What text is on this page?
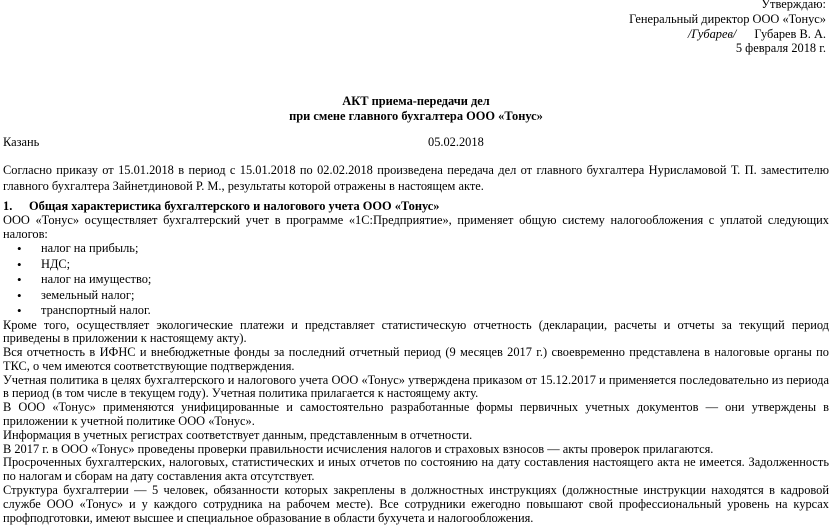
Утверждаю:
Генеральный директор ООО «Тонус»
/Губарев/ Губарев В. А.
5 февраля 2018 г.
АКТ приема-передачи дел
при смене главного бухгалтера ООО «Тонус»
Казань	05.02.2018
Согласно приказу от 15.01.2018 в период с 15.01.2018 по 02.02.2018 произведена передача дел от главного бухгалтера Нурисламовой Т. П. заместителю главного бухгалтера Зайнетдиновой Р. М., результаты которой отражены в настоящем акте.
1. Общая характеристика бухгалтерского и налогового учета ООО «Тонус»

ООО «Тонус» осуществляет бухгалтерский учет в программе «1С:Предприятие», применяет общую систему налогообложения с уплатой следующих налогов:

• налог на прибыль;
• НДС;
• налог на имущество;
• земельный налог;
• транспортный налог.

Кроме того, осуществляет экологические платежи и представляет статистическую отчетность (декларации, расчеты и отчеты за текущий период приведены в приложении к настоящему акту).

Вся отчетность в ИФНС и внебюджетные фонды за последний отчетный период (9 месяцев 2017 г.) своевременно представлена в налоговые органы по ТКС, о чем имеются соответствующие подтверждения.

Учетная политика в целях бухгалтерского и налогового учета ООО «Тонус» утверждена приказом от 15.12.2017 и применяется последовательно из периода в период (в том числе в текущем году). Учетная политика прилагается к настоящему акту.

В ООО «Тонус» применяются унифицированные и самостоятельно разработанные формы первичных учетных документов — они утверждены в приложении к учетной политике ООО «Тонус».

Информация в учетных регистрах соответствует данным, представленным в отчетности.

В 2017 г. в ООО «Тонус» проведены проверки правильности исчисления налогов и страховых взносов — акты проверок прилагаются.

Просроченных бухгалтерских, налоговых, статистических и иных отчетов по состоянию на дату составления настоящего акта не имеется. Задолженность по налогам и сборам на дату составления акта отсутствует.

Структура бухгалтерии — 5 человек, обязанности которых закреплены в должностных инструкциях (должностные инструкции находятся в кадровой службе ООО «Тонус» и у каждого сотрудника на рабочем месте). Все сотрудники ежегодно повышают свой профессиональный уровень на курсах профподготовки, имеют высшее и специальное образование в области бухучета и налогообложения.
